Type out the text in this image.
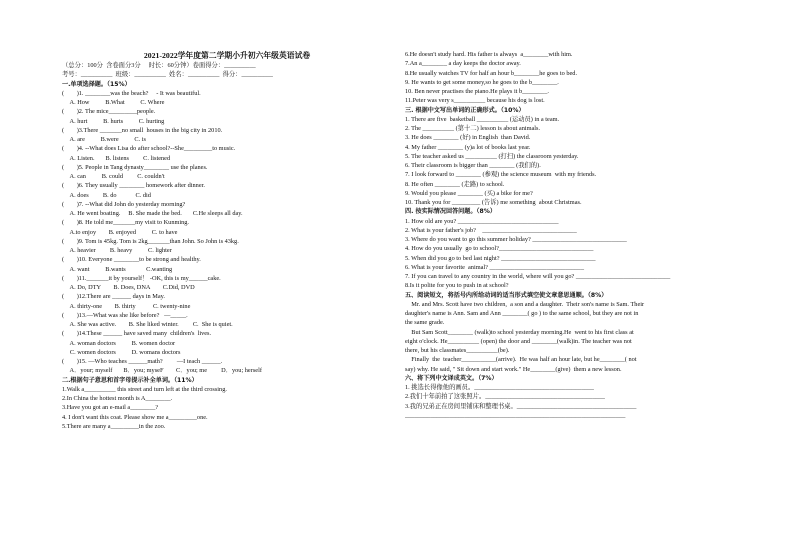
2021-2022学年度第二学期小升初六年级英语试卷
（总分：100分  含卷面分3分     时长：60分钟）卷面得分：__________
考号：__________  班级：__________  姓名：__________  得分：__________
一.单项选择题。（15%）
(        )1. ________was the beach?     - It was beautiful.
A. How          B.What          C. Where
(        )2. The mice_________people.
A. hurt          B. hurts          C. hurting
(        )3.There _______no small  houses in the big city in 2010.
A. are          B.were          C. is
(        )4. --What does Lisa do after school?--She_________to music.
A. Listen.       B. listens         C. listened
(        )5. People in Tang dynasty________ use the planes.
A. can          B. could         C. couldn't
(        )6. They usually ________ homework after dinner.
A. does         B. do            C. did
(        )7. --What did John do yesterday morning?
A. He went boating.     B. She made the bed.       C.He sleeps all day.
(        )8. He told me_______my visit to Kunming.
A.to enjoy        B. enjoyed          C. to have
(        )9. Tom is 45kg. Tom is 2kg_______than John. So John is 43kg.
A. heavier         B. heavy          C. lighter
(        )10. Everyone ________to be strong and healthy.
A. want          B.wants             C.wanting
(        )11._______it by yourself！ -OK, this is my______cake.
A. Do, DTY        B. Does, DNA        C.Did, DVD
(        )12.There are ______ days in May.
A. thirty-one        B. thirty           C. twenty-nine
(        )13.—What was she like before?   —_____.
A. She was active.        B. She liked winter.         C.  She is quiet.
(        )14.These ______ have saved many  children's  lives.
A. woman doctors          B. women doctor
C. women doctors          D. womans doctors
(        )15. —Who teaches ______math?         —I teach ______.
A．your; myself       B．you; myseF        C．you; me         D．you; herself
二.根据句子意思和首字母提示补全单词。（11%）
1.Walk a__________ this street and turn left at the third crossing.
2.In China the hottest month is A________.
3.Have you got an e-mail a________?
4. I don't want this coat. Please show me a_________one.
5.There are many a_________in the zoo.
6.He doesn't study hard. His father is always  a________with him.
7.An a________ a day keeps the doctor away.
8.He usually watches TV for half an hour b________he goes to bed.
9. He wants to get some money,so he goes to the b________.
10. Ben never practises the piano.He plays it b________.
11.Peter was very s__________ because his dog is lost.
三. 根据中文写出单词的正确形式。（10%）
1. There are five  basketball __________ (运动员) in a team.
2. The __________ (第十二) lesson is about animals.
3. He does ________ (好) in English  than David.
4. My father ________ (y)a lot of books last year.
5. The teacher asked us __________ (打扫) the classroom yesterday.
6. Their classroom is bigger than ________ (我们的).
7. I look forward to ________ (参观) the science museum  with my friends.
8. He often ________ (走路) to school.
9. Would you please ________ (买) a bike for me?
10. Thank you for _________ (告诉) me something  about Christmas.
四. 按实际情况回答问题。（8%）
1. How old are you? ________________________________
2. What is your father's job?    ______________________________
3. Where do you want to go this summer holiday? ______________________________
4. How do you usually  go to school?______________________________
5. When did you go to bed last night? ______________________________
6. What is your favorite  animal? ______________________________
7. If you can travel to any country in the world, where will you go? ______________________________
8.Is it polite for you to push in at school?
五、阅读短文，将括号内所给动词的适当形式填空使文章意思通顺。（8%）
Mr. and Mrs. Scott have two children,  a son and a daughter.  Their son's name is Sam. Their
daughter's name is Ann. Sam and Ann ________( go ) to the same school, but they are not in
the same grade.
But Sam Scott________ (walk)to school yesterday morning.He  went to his first class at
eight o'clock. He__________ (open) the door and ________(walk)in. The teacher was not
there, but his classmates__________(be).
Finally  the  teacher___________(arrive).  He was half an hour late, but he________( not
say) why. He said, " Sit down and start work." He________(give)  them a new lesson.
六、将下列中文译成英文。（7%）
1. 挑选长得像他的画员。______________________________________
2.我们十年前拍了这张照片。______________________________________
3.我的兄弟正在房间里铺床和整理书桌。______________________________________
______________________________________________________________________
